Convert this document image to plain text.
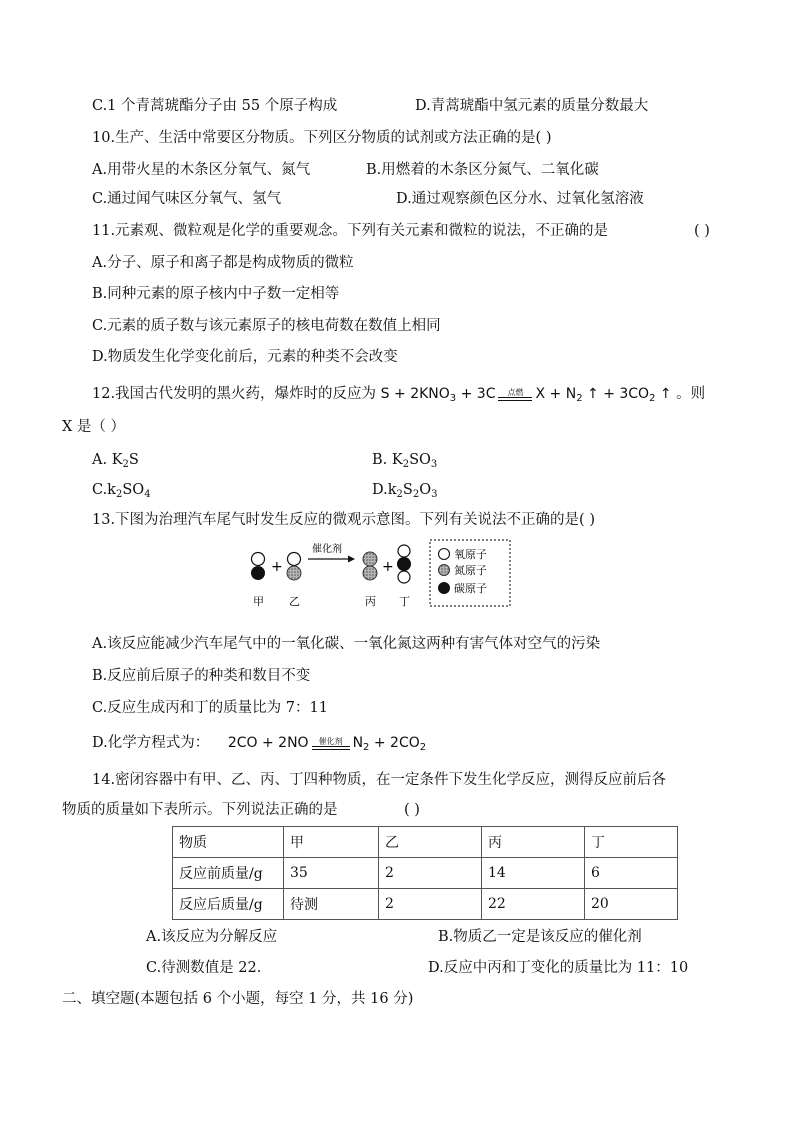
C.1 个青蒿琥酯分子由 55 个原子构成	D.青蒿琥酯中氢元素的质量分数最大
10.生产、生活中常要区分物质。下列区分物质的试剂或方法正确的是( )
A.用带火星的木条区分氧气、氮气	B.用燃着的木条区分氮气、二氧化碳
C.通过闻气味区分氧气、氢气	D.通过观察颜色区分水、过氧化氢溶液
11.元素观、微粒观是化学的重要观念。下列有关元素和微粒的说法，不正确的是	( )
A.分子、原子和离子都是构成物质的微粒
B.同种元素的原子核内中子数一定相等
C.元素的质子数与该元素原子的核电荷数在数值上相同
D.物质发生化学变化前后，元素的种类不会改变
12.我国古代发明的黑火药，爆炸时的反应为 $S + 2KNO_3 + 3C$	点燃 $X + N_2$ ↑ + $3CO_2$ ↑ 。则
X 是（ ）
A. $K_2S$	B. $K_2SO_3$
$C.k_2SO_4$	$D.k_2S_2O_3$
13.下图为治理汽车尾气时发生反应的微观示意图。下列有关说法不正确的是( )
+
催化剂
+
甲 乙	丙 丁
氧原子
氮原子
碳原子
A.该反应能减少汽车尾气中的一氧化碳、一氧化氮这两种有害气体对空气的污染
B.反应前后原子的种类和数目不变
C.反应生成丙和丁的质量比为 7：11
D.化学方程式为： 2CO + 2NO	催化剂 $N_2 + 2CO_2$
14.密闭容器中有甲、乙、丙、丁四种物质，在一定条件下发生化学反应，测得反应前后各
物质的质量如下表所示。下列说法正确的是	( )
物质	甲	乙	丙	丁
反应前质量/g	35	2	14	6
反应后质量/g	待测	2	22	20
A.该反应为分解反应	B.物质乙一定是该反应的催化剂
C.待测数值是 22.	D.反应中丙和丁变化的质量比为 11：10
二、填空题(本题包括 6 个小题，每空 1 分，共 16 分)
